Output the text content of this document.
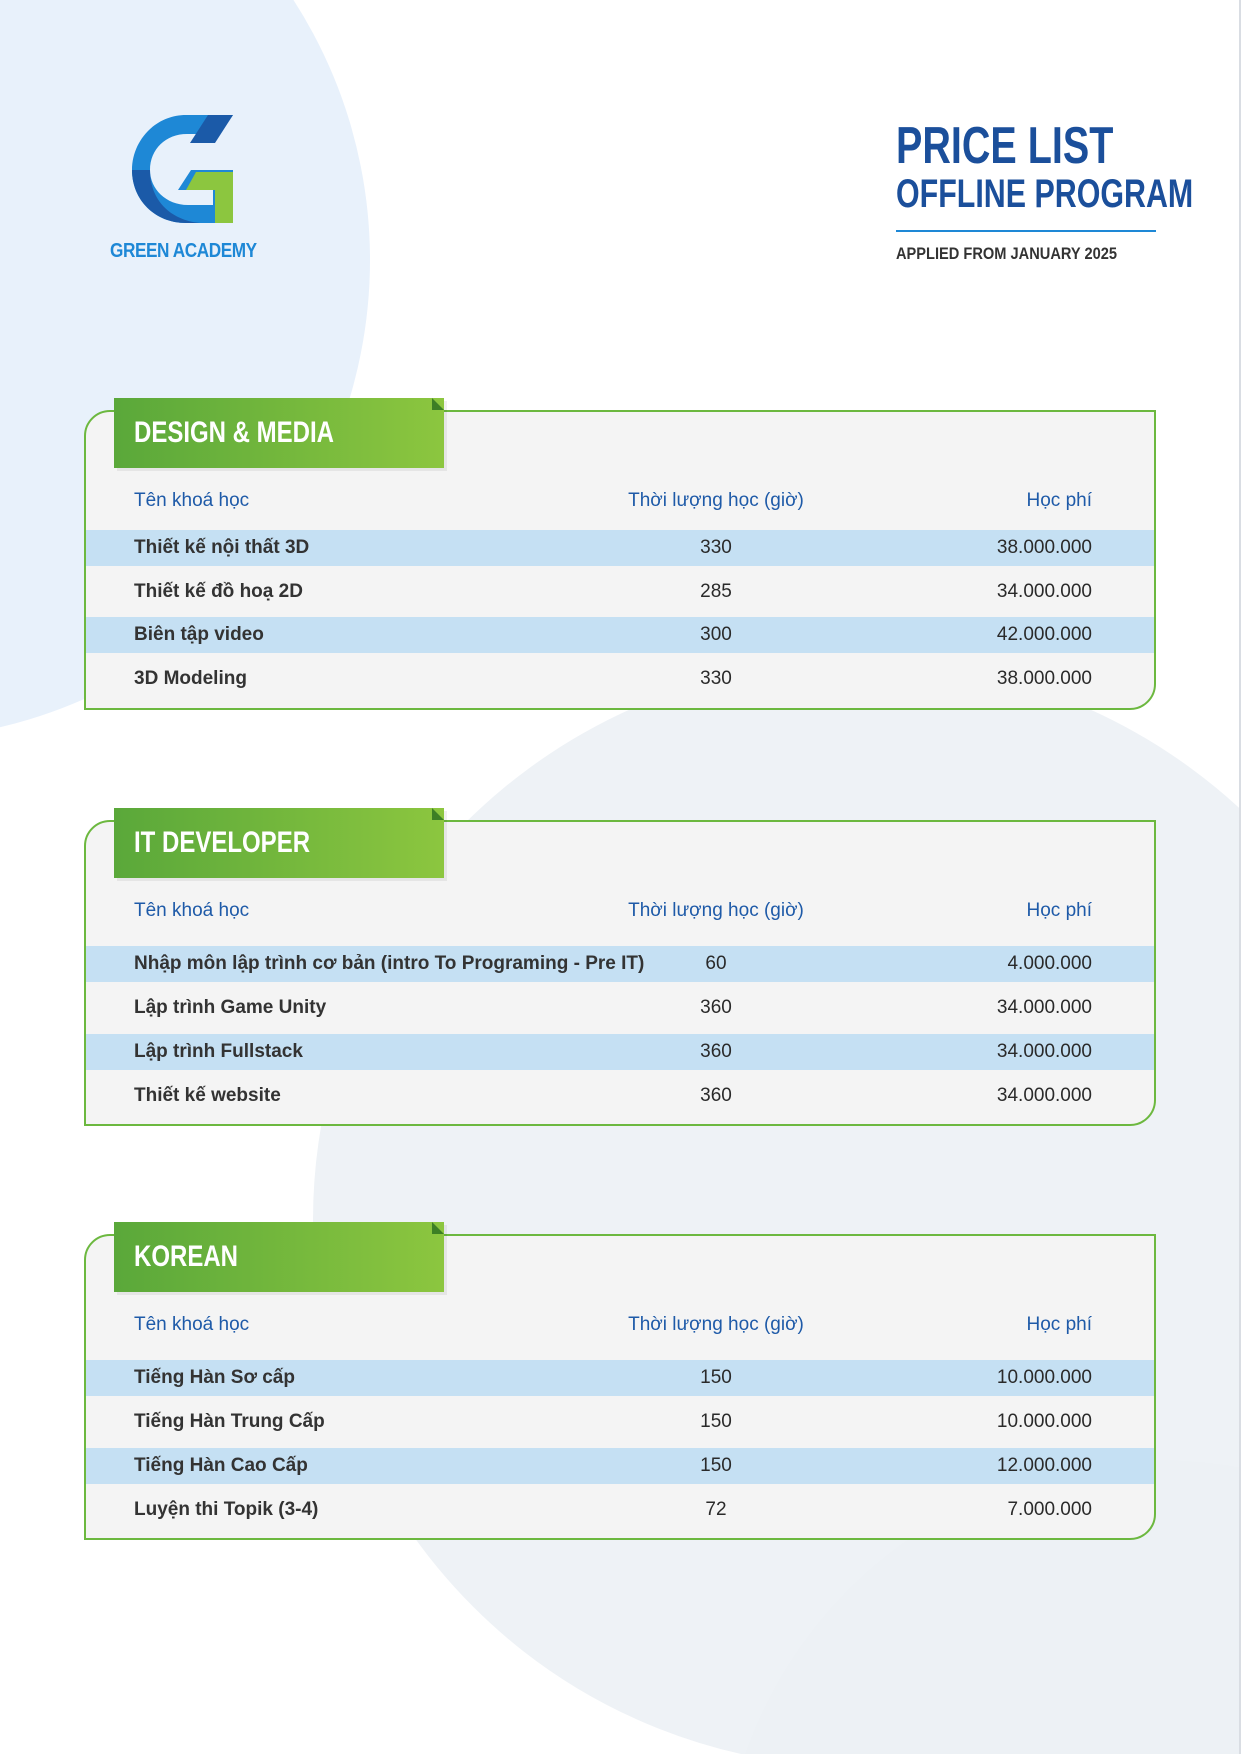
GREEN ACADEMY
PRICE LIST
OFFLINE PROGRAM
APPLIED FROM JANUARY 2025
DESIGN & MEDIA
Tên khoá học	Thời lượng học (giờ)	Học phí
Thiết kế nội thất 3D	330	38.000.000
Thiết kế đồ hoạ 2D	285	34.000.000
Biên tập video	300	42.000.000
3D Modeling	330	38.000.000
IT DEVELOPER
Tên khoá học	Thời lượng học (giờ)	Học phí
Nhập môn lập trình cơ bản (intro To Programing - Pre IT)	60	4.000.000
Lập trình Game Unity	360	34.000.000
Lập trình Fullstack	360	34.000.000
Thiết kế website	360	34.000.000
KOREAN
Tên khoá học	Thời lượng học (giờ)	Học phí
Tiếng Hàn Sơ cấp	150	10.000.000
Tiếng Hàn Trung Cấp	150	10.000.000
Tiếng Hàn Cao Cấp	150	12.000.000
Luyện thi Topik (3-4)	72	7.000.000
